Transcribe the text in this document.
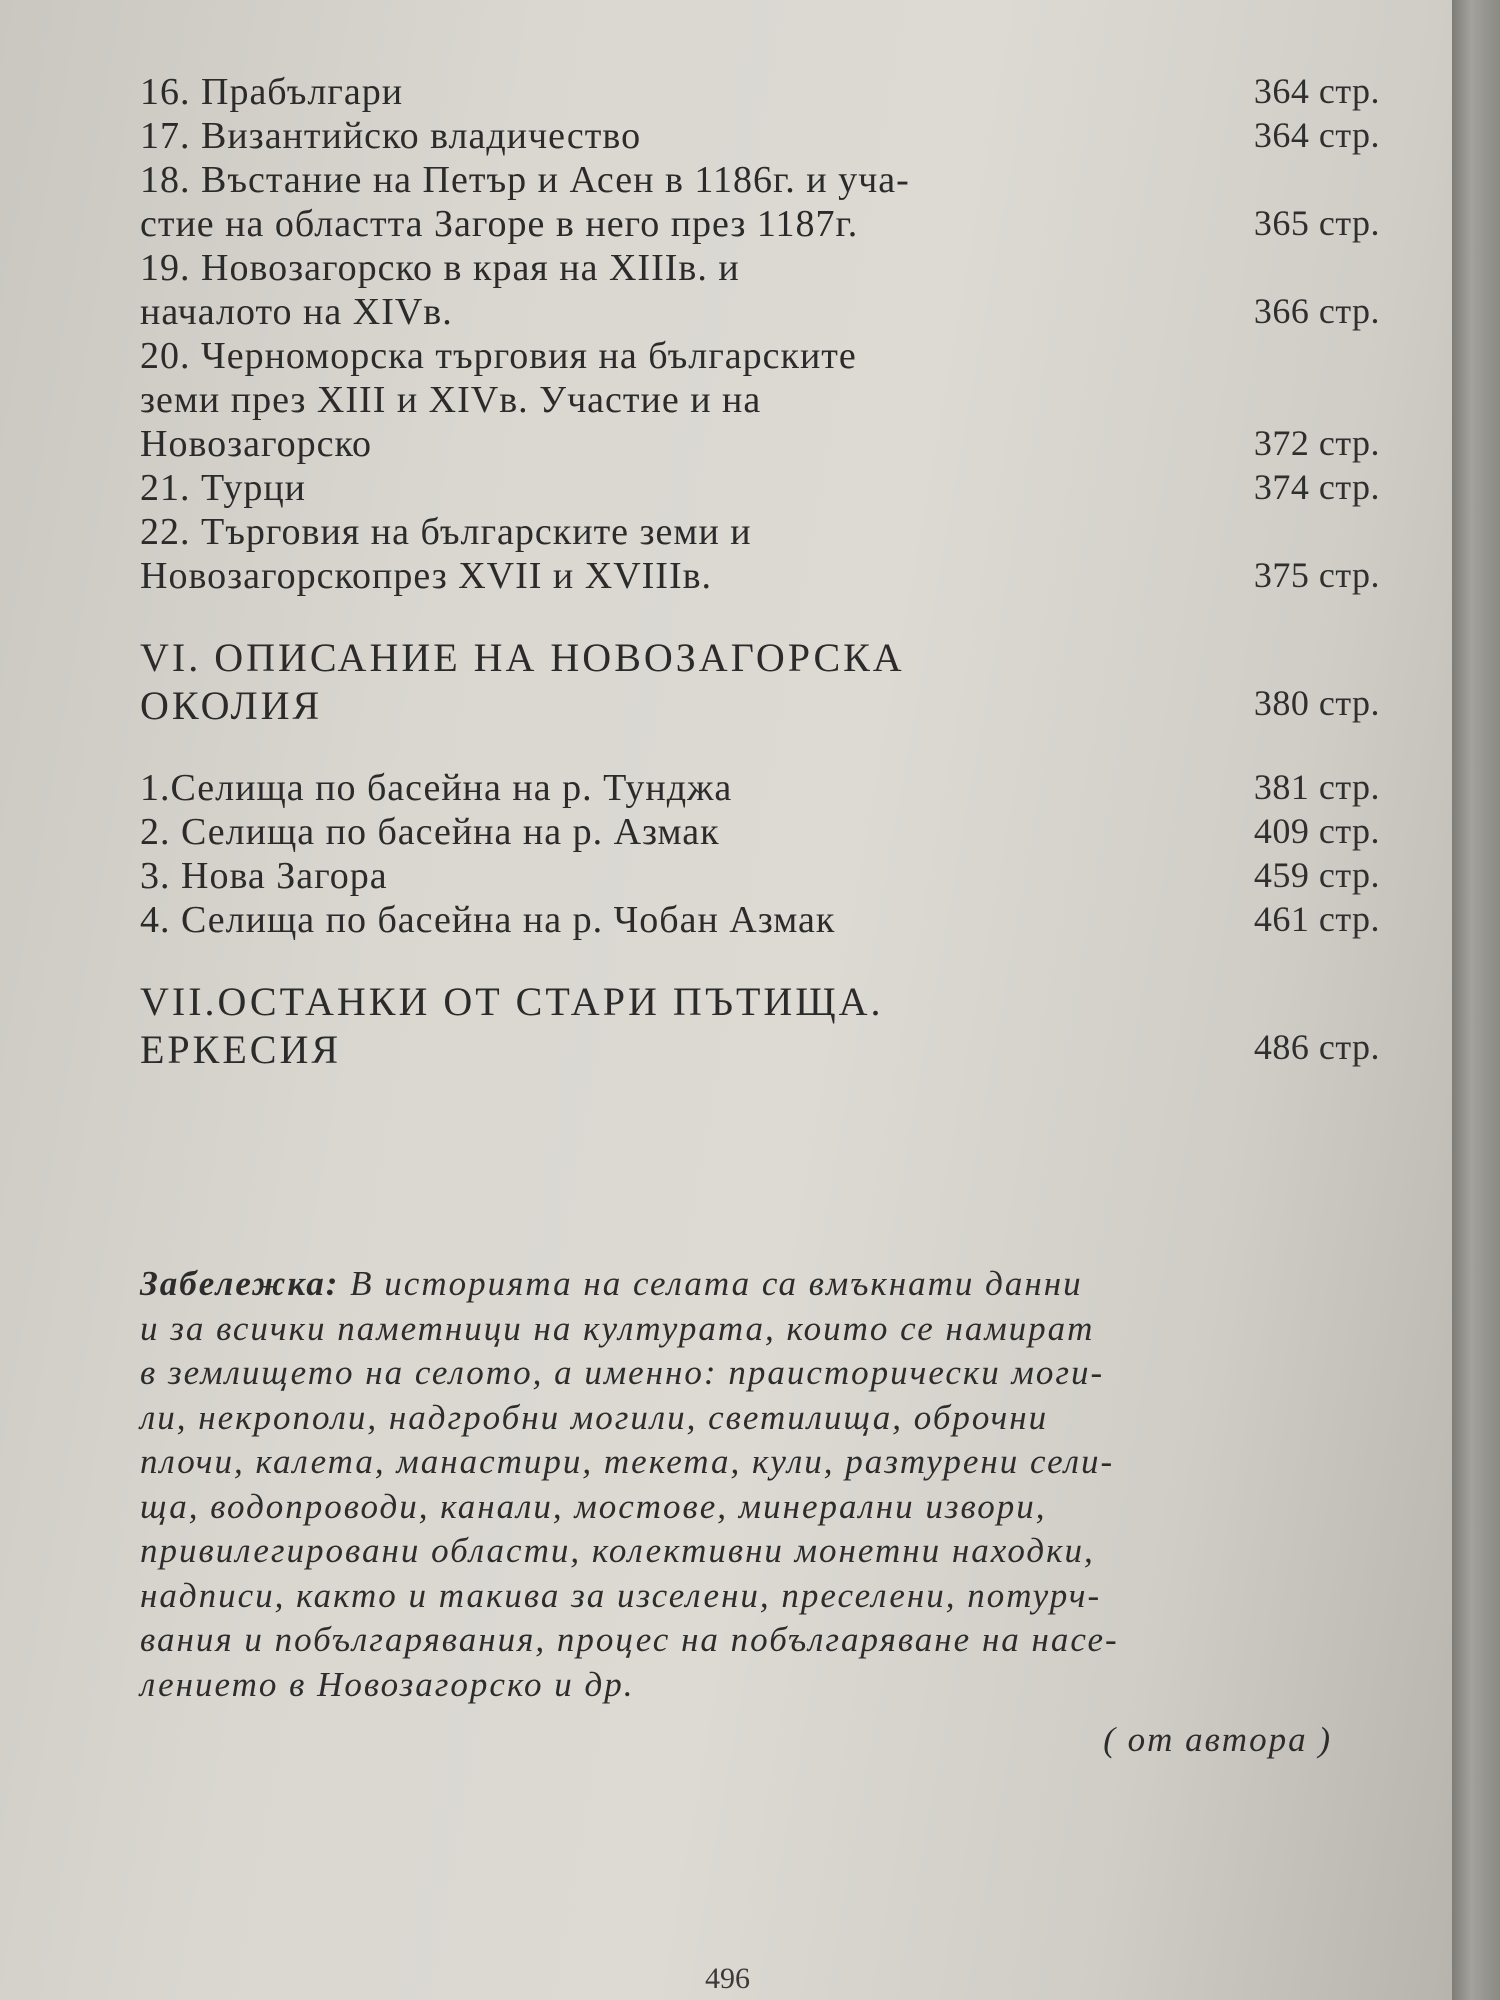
16. Прабългари	364 стр.
17. Византийско владичество	364 стр.
18. Въстание на Петър и Асен в 1186г. и уча-
стие на областта Загоре в него през 1187г.	365 стр.
19. Новозагорско в края на XIIIв. и
началото на XIVв.	366 стр.
20. Черноморска търговия на българските
земи през XIII и XIVв. Участие и на
Новозагорско	372 стр.
21. Турци	374 стр.
22. Търговия на българските земи и
Новозагорскопрез XVII и XVIIIв.	375 стр.
VI. ОПИСАНИЕ НА НОВОЗАГОРСКА
ОКОЛИЯ	380 стр.
1.Селища по басейна на р. Тунджа	381 стр.
2. Селища по басейна на р. Азмак	409 стр.
3. Нова Загора	459 стр.
4. Селища по басейна на р. Чобан Азмак	461 стр.
VII.ОСТАНКИ ОТ СТАРИ ПЪТИЩА.
ЕРКЕСИЯ	486 стр.
Забележка: В историята на селата са вмъкнати данни
и за всички паметници на културата, които се намират
в землището на селото, а именно: праисторически моги-
ли, некрополи, надгробни могили, светилища, оброчни
плочи, калета, манастири, текета, кули, разтурени сели-
ща, водопроводи, канали, мостове, минерални извори,
привилегировани области, колективни монетни находки,
надписи, както и такива за изселени, преселени, потурч-
вания и побългарявания, процес на побългаряване на насе-
лението в Новозагорско и др.
( от автора )
496
